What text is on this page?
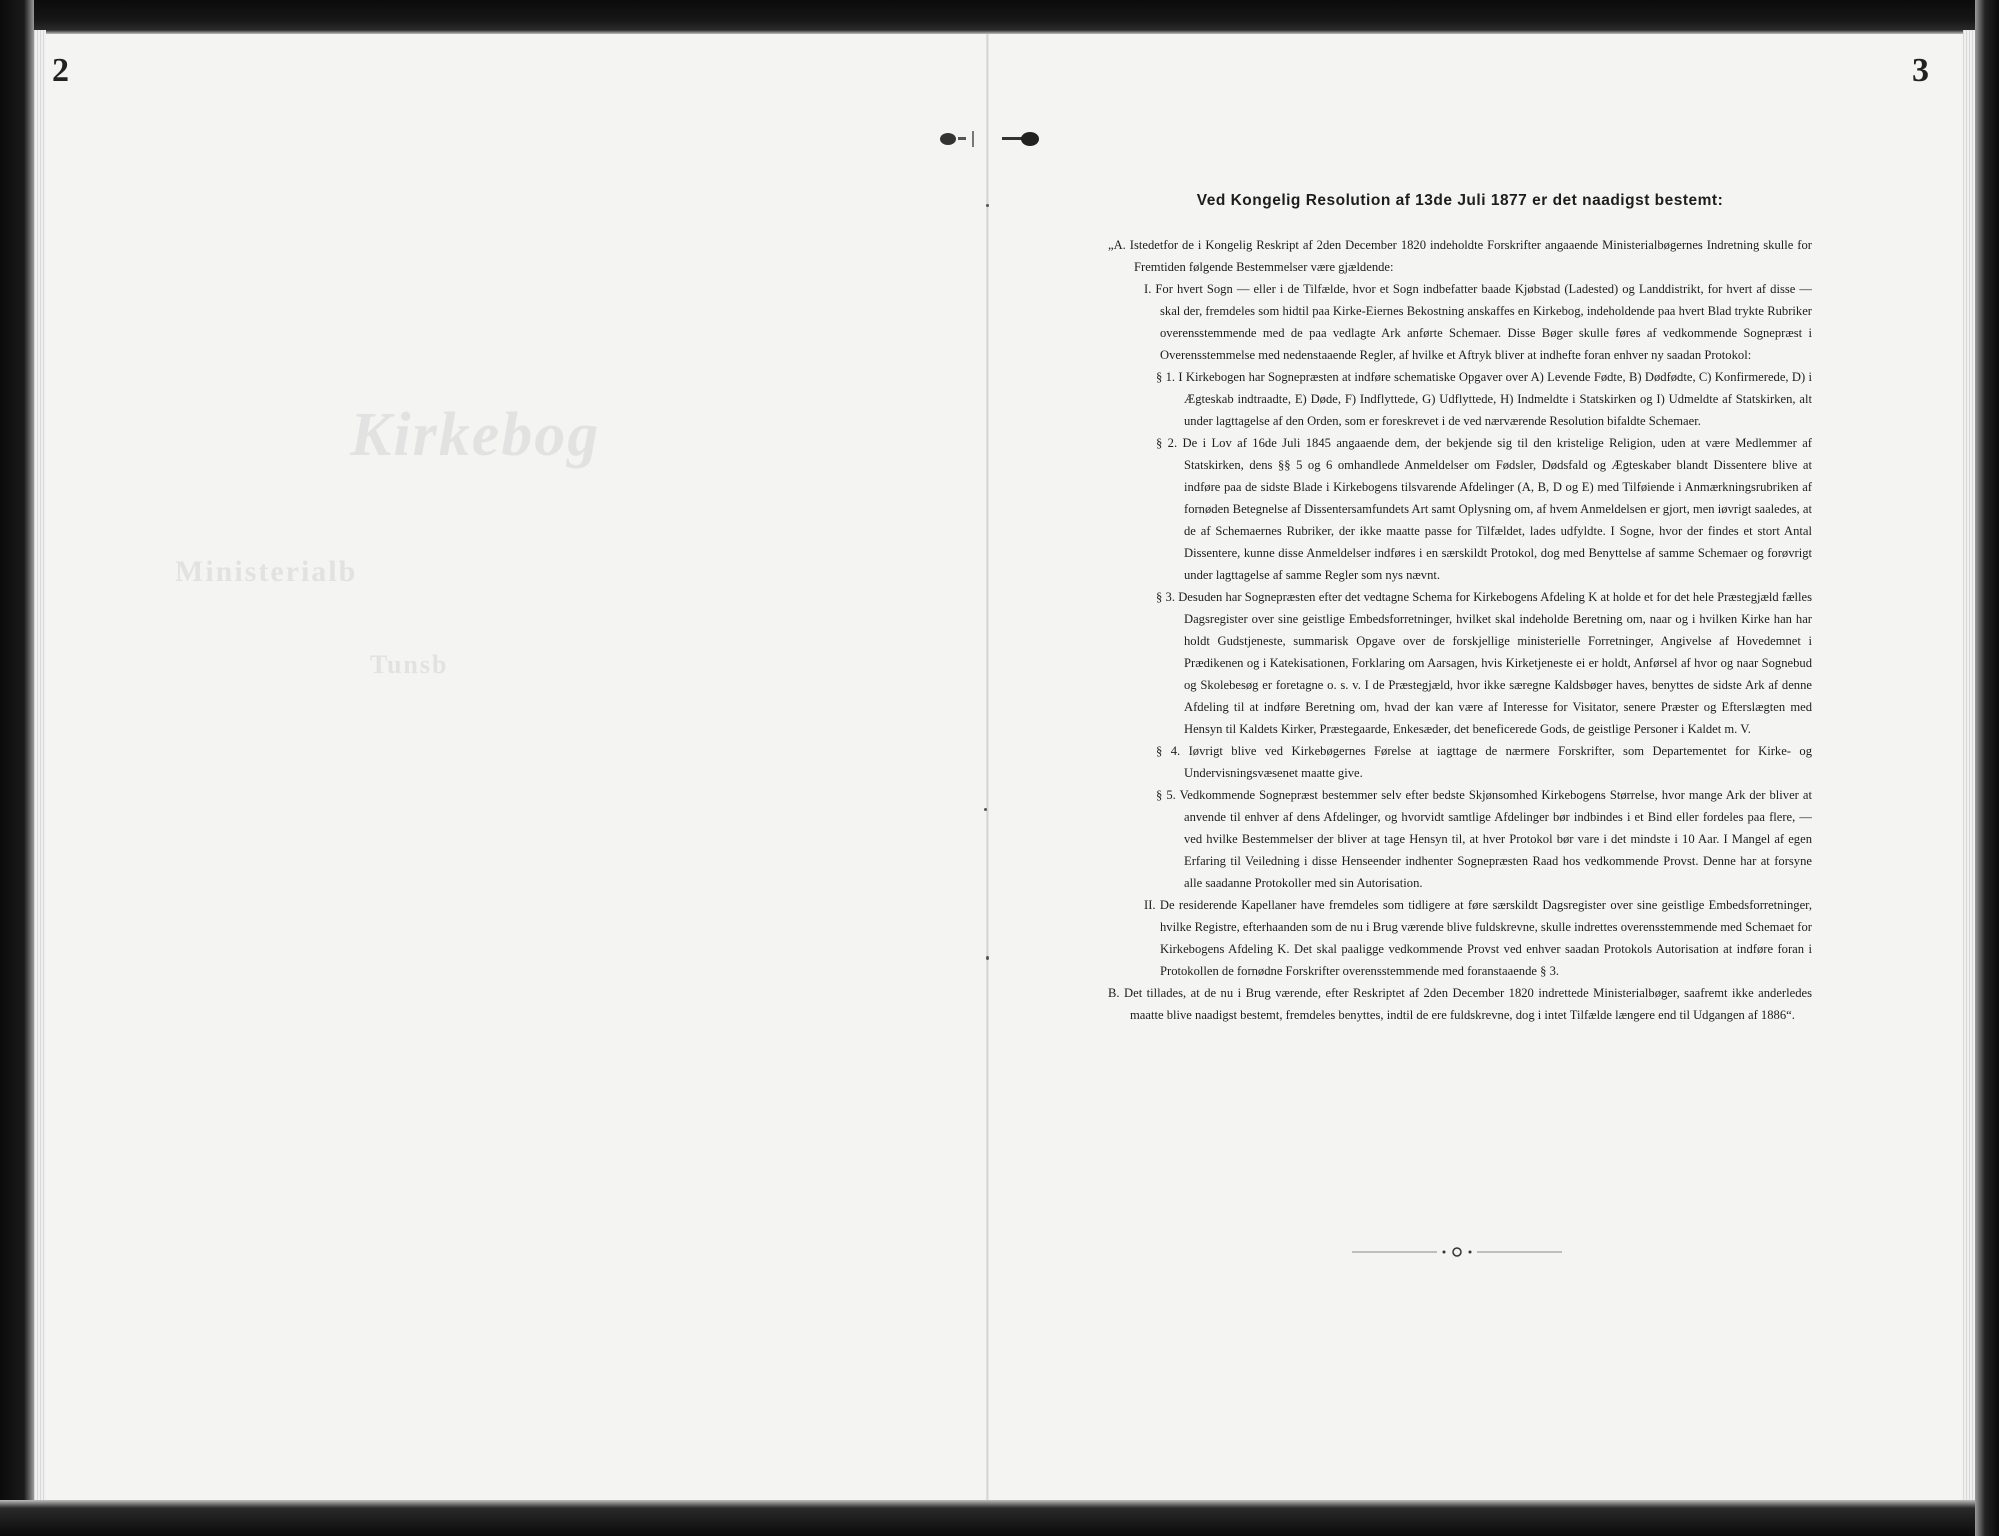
2
Kirkebog
Ministerialb
Tunsb
3

Ved Kongelig Resolution af 13de Juli 1877 er det naadigst bestemt:

„A. Istedetfor de i Kongelig Reskript af 2den December 1820 indeholdte Forskrifter angaaende Ministerialbøgernes Indretning skulle for Fremtiden følgende Bestemmelser være gjældende:

I. For hvert Sogn — eller i de Tilfælde, hvor et Sogn indbefatter baade Kjøbstad (Ladested) og Landdistrikt, for hvert af disse — skal der, fremdeles som hidtil paa Kirke-Eiernes Bekostning anskaffes en Kirkebog, indeholdende paa hvert Blad trykte Rubriker overensstemmende med de paa vedlagte Ark anførte Schemaer. Disse Bøger skulle føres af vedkommende Sognepræst i Overensstemmelse med nedenstaaende Regler, af hvilke et Aftryk bliver at indhefte foran enhver ny saadan Protokol:

§ 1. I Kirkebogen har Sognepræsten at indføre schematiske Opgaver over A) Levende Fødte, B) Dødfødte, C) Konfirmerede, D) i Ægteskab indtraadte, E) Døde, F) Indflyttede, G) Udflyttede, H) Indmeldte i Statskirken og I) Udmeldte af Statskirken, alt under lagttagelse af den Orden, som er foreskrevet i de ved nærværende Resolution bifaldte Schemaer.

§ 2. De i Lov af 16de Juli 1845 angaaende dem, der bekjende sig til den kristelige Religion, uden at være Medlemmer af Statskirken, dens §§ 5 og 6 omhandlede Anmeldelser om Fødsler, Dødsfald og Ægteskaber blandt Dissentere blive at indføre paa de sidste Blade i Kirkebogens tilsvarende Afdelinger (A, B, D og E) med Tilføiende i Anmærkningsrubriken af fornøden Betegnelse af Dissentersamfundets Art samt Oplysning om, af hvem Anmeldelsen er gjort, men iøvrigt saaledes, at de af Schemaernes Rubriker, der ikke maatte passe for Tilfældet, lades udfyldte. I Sogne, hvor der findes et stort Antal Dissentere, kunne disse Anmeldelser indføres i en særskildt Protokol, dog med Benyttelse af samme Schemaer og forøvrigt under lagttagelse af samme Regler som nys nævnt.

§ 3. Desuden har Sognepræsten efter det vedtagne Schema for Kirkebogens Afdeling K at holde et for det hele Præstegjæld fælles Dagsregister over sine geistlige Embedsforretninger, hvilket skal indeholde Beretning om, naar og i hvilken Kirke han har holdt Gudstjeneste, summarisk Opgave over de forskjellige ministerielle Forretninger, Angivelse af Hovedemnet i Prædikenen og i Katekisationen, Forklaring om Aarsagen, hvis Kirketjeneste ei er holdt, Anførsel af hvor og naar Sognebud og Skolebesøg er foretagne o. s. v. I de Præstegjæld, hvor ikke særegne Kaldsbøger haves, benyttes de sidste Ark af denne Afdeling til at indføre Beretning om, hvad der kan være af Interesse for Visitator, senere Præster og Efterslægten med Hensyn til Kaldets Kirker, Præstegaarde, Enkesæder, det beneficerede Gods, de geistlige Personer i Kaldet m. V.

§ 4. Iøvrigt blive ved Kirkebøgernes Førelse at iagttage de nærmere Forskrifter, som Departementet for Kirke- og Undervisningsvæsenet maatte give.

§ 5. Vedkommende Sognepræst bestemmer selv efter bedste Skjønsomhed Kirkebogens Størrelse, hvor mange Ark der bliver at anvende til enhver af dens Afdelinger, og hvorvidt samtlige Afdelinger bør indbindes i et Bind eller fordeles paa flere, — ved hvilke Bestemmelser der bliver at tage Hensyn til, at hver Protokol bør vare i det mindste i 10 Aar. I Mangel af egen Erfaring til Veiledning i disse Henseender indhenter Sognepræsten Raad hos vedkommende Provst. Denne har at forsyne alle saadanne Protokoller med sin Autorisation.

II. De residerende Kapellaner have fremdeles som tidligere at føre særskildt Dagsregister over sine geistlige Embedsforretninger, hvilke Registre, efterhaanden som de nu i Brug værende blive fuldskrevne, skulle indrettes overensstemmende med Schemaet for Kirkebogens Afdeling K. Det skal paaligge vedkommende Provst ved enhver saadan Protokols Autorisation at indføre foran i Protokollen de fornødne Forskrifter overensstemmende med foranstaaende § 3.

B. Det tillades, at de nu i Brug værende, efter Reskriptet af 2den December 1820 indrettede Ministerialbøger, saafremt ikke anderledes maatte blive naadigst bestemt, fremdeles benyttes, indtil de ere fuldskrevne, dog i intet Tilfælde længere end til Udgangen af 1886“.
